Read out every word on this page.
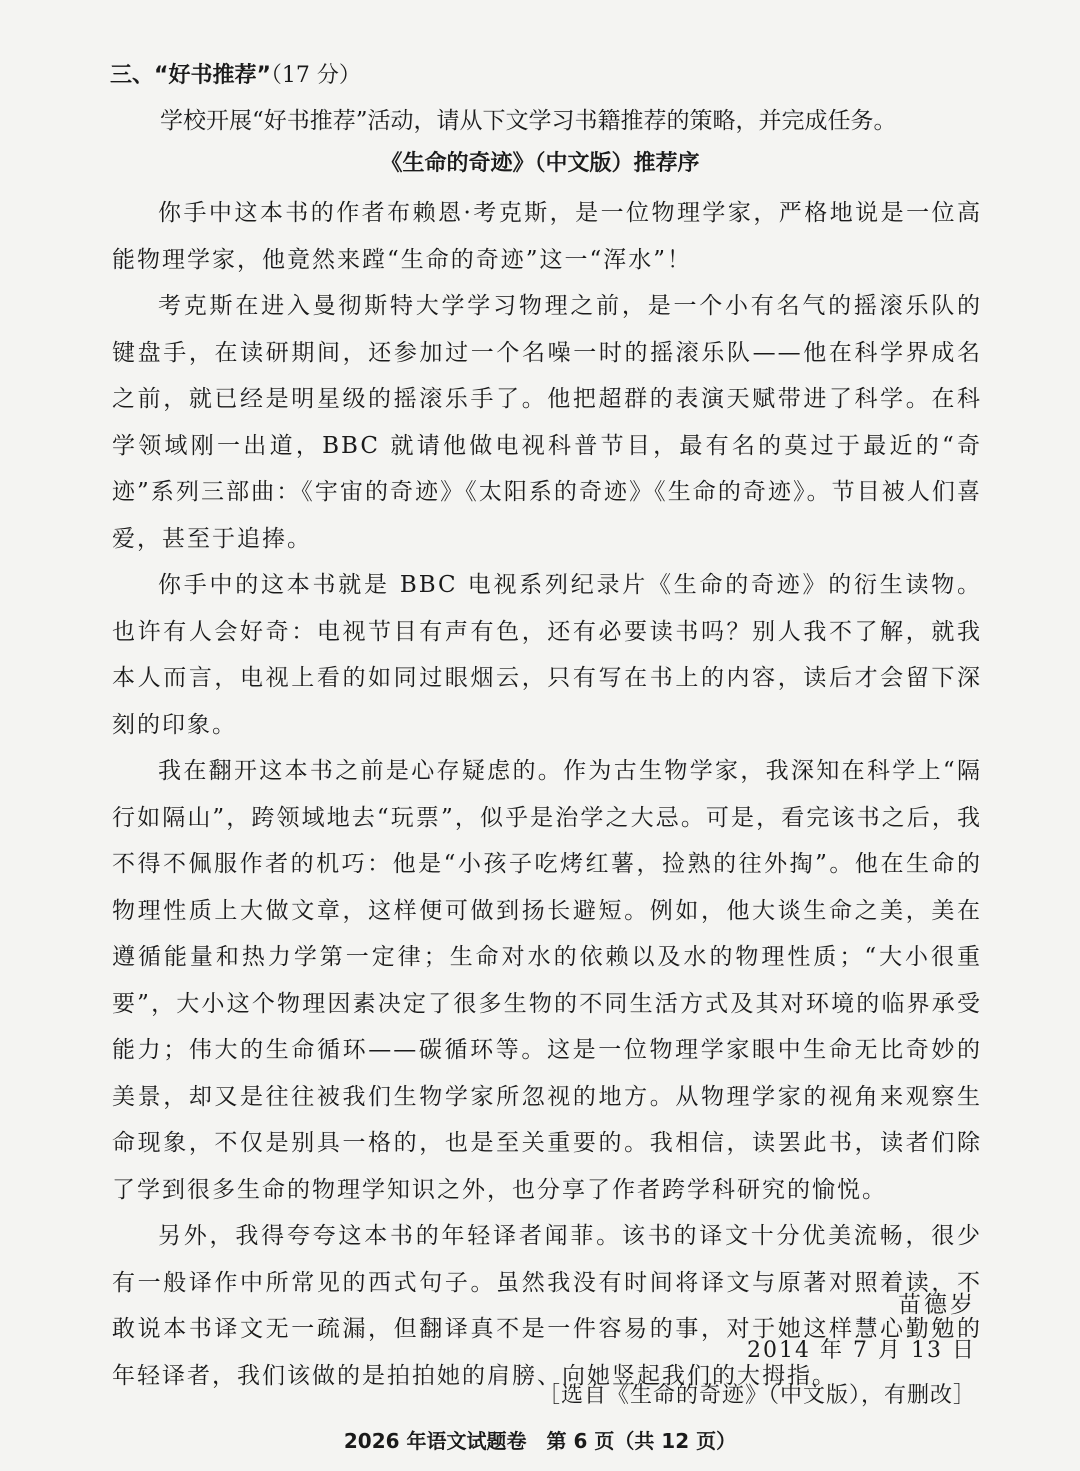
三、“好书推荐”（17 分）
学校开展“好书推荐”活动，请从下文学习书籍推荐的策略，并完成任务。
《生命的奇迹》（中文版）推荐序

你手中这本书的作者布赖恩·考克斯，是一位物理学家，严格地说是一位高能物理学家，他竟然来蹚“生命的奇迹”这一“浑水”！

考克斯在进入曼彻斯特大学学习物理之前，是一个小有名气的摇滚乐队的键盘手，在读研期间，还参加过一个名噪一时的摇滚乐队——他在科学界成名之前，就已经是明星级的摇滚乐手了。他把超群的表演天赋带进了科学。在科学领域刚一出道，BBC 就请他做电视科普节目，最有名的莫过于最近的“奇迹”系列三部曲：《宇宙的奇迹》《太阳系的奇迹》《生命的奇迹》。节目被人们喜爱，甚至于追捧。

你手中的这本书就是 BBC 电视系列纪录片《生命的奇迹》的衍生读物。也许有人会好奇：电视节目有声有色，还有必要读书吗？别人我不了解，就我本人而言，电视上看的如同过眼烟云，只有写在书上的内容，读后才会留下深刻的印象。

我在翻开这本书之前是心存疑虑的。作为古生物学家，我深知在科学上“隔行如隔山”，跨领域地去“玩票”，似乎是治学之大忌。可是，看完该书之后，我不得不佩服作者的机巧：他是“小孩子吃烤红薯，捡熟的往外掏”。他在生命的物理性质上大做文章，这样便可做到扬长避短。例如，他大谈生命之美，美在遵循能量和热力学第一定律；生命对水的依赖以及水的物理性质；“大小很重要”，大小这个物理因素决定了很多生物的不同生活方式及其对环境的临界承受能力；伟大的生命循环——碳循环等。这是一位物理学家眼中生命无比奇妙的美景，却又是往往被我们生物学家所忽视的地方。从物理学家的视角来观察生命现象，不仅是别具一格的，也是至关重要的。我相信，读罢此书，读者们除了学到很多生命的物理学知识之外，也分享了作者跨学科研究的愉悦。

另外，我得夸夸这本书的年轻译者闻菲。该书的译文十分优美流畅，很少有一般译作中所常见的西式句子。虽然我没有时间将译文与原著对照着读，不敢说本书译文无一疏漏，但翻译真不是一件容易的事，对于她这样慧心勤勉的年轻译者，我们该做的是拍拍她的肩膀、向她竖起我们的大拇指。

苗德岁
2014 年 7 月 13 日
［选自《生命的奇迹》（中文版），有删改］
2026 年语文试题卷　第 6 页（共 12 页）
